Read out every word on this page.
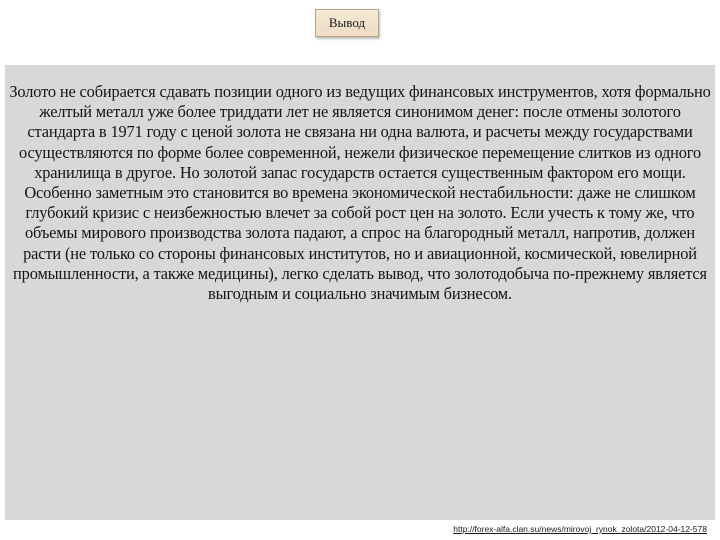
Вывод

Золото не собирается сдавать позиции одного из ведущих финансовых инструментов, хотя формально желтый металл уже более триддати лет не является синонимом денег: после отмены золотого стандарта в 1971 году с ценой золота не связана ни одна валюта, и расчеты между государствами осуществляются по форме более современной, нежели физическое перемещение слитков из одного хранилища в другое. Но золотой запас государств остается существенным фактором его мощи. Особенно заметным это становится во времена экономической нестабильности: даже не слишком глубокий кризис с неизбежностью влечет за собой рост цен на золото. Если учесть к тому же, что объемы мирового производства золота падают, а спрос на благородный металл, напротив, должен расти (не только со стороны финансовых институтов, но и авиационной, космической, ювелирной промышленности, а также медицины), легко сделать вывод, что золотодобыча по-прежнему является выгодным и социально значимым бизнесом.

http://forex-alfa.clan.su/news/mirovoj_rynok_zolota/2012-04-12-578
